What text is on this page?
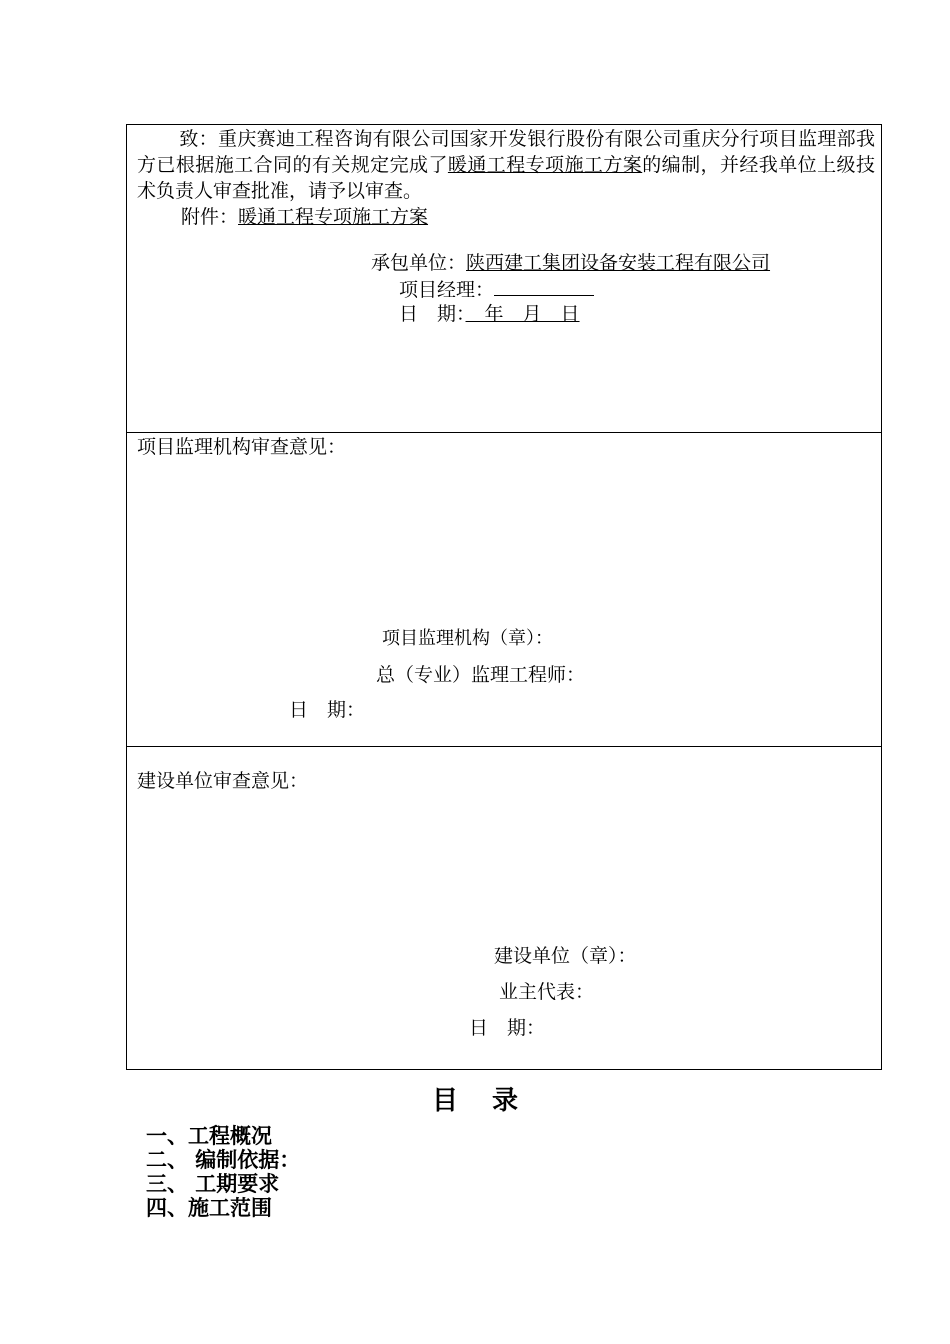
致：重庆赛迪工程咨询有限公司国家开发银行股份有限公司重庆分行项目监理部我方已根据施工合同的有关规定完成了暖通工程专项施工方案的编制，并经我单位上级技术负责人审查批准，请予以审查。
附件：暖通工程专项施工方案
承包单位：陕西建工集团设备安装工程有限公司
项目经理：
日　期：　年　月　日
项目监理机构审查意见：
项目监理机构（章）：
总（专业）监理工程师：
日　期：
建设单位审查意见：
建设单位（章）：
业主代表：
日　期：
目录
一、工程概况
二、 编制依据：
三、 工期要求
四、施工范围
